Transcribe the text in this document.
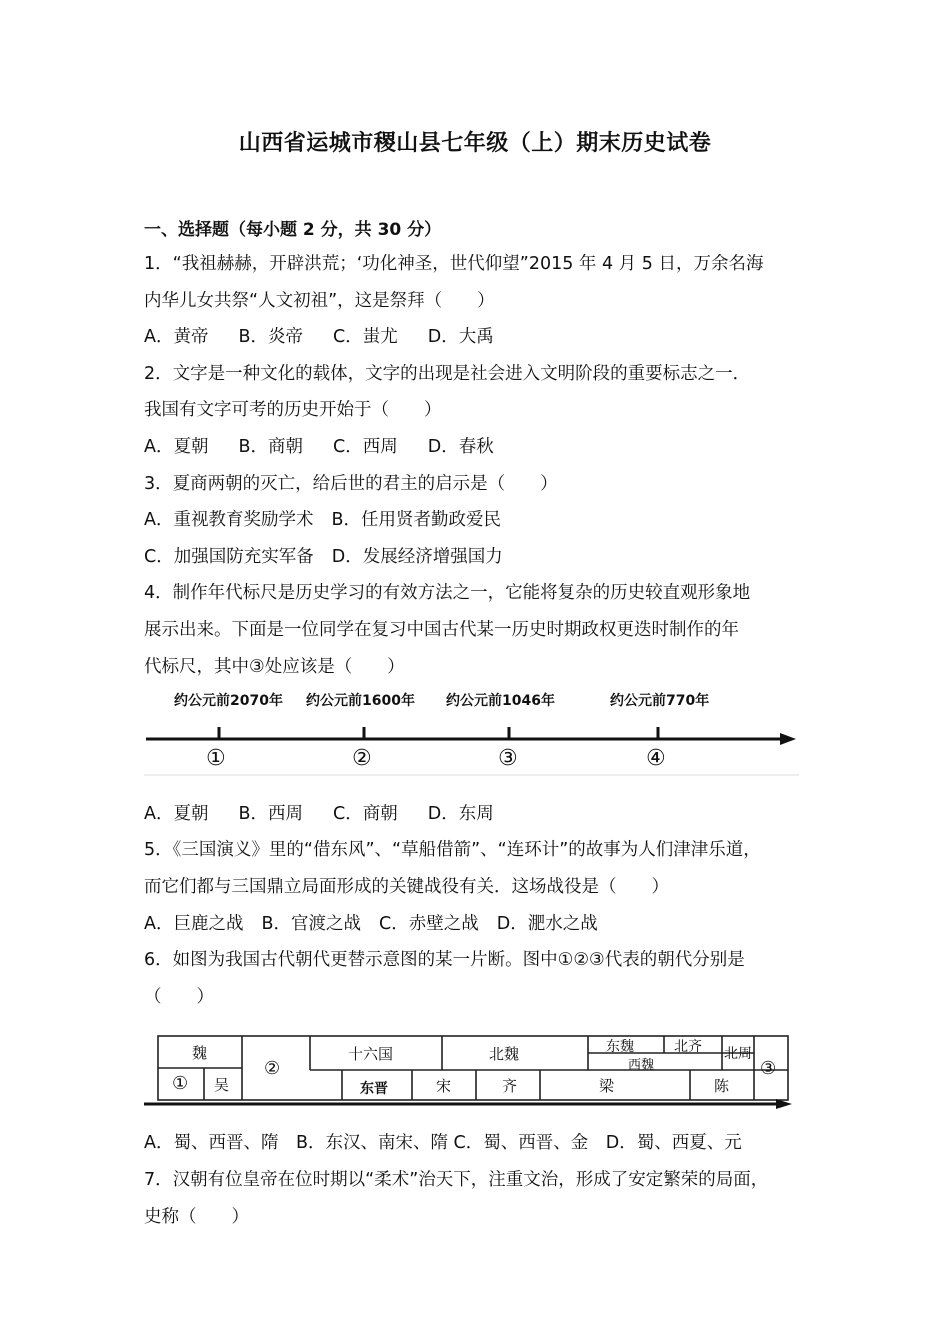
山西省运城市稷山县七年级（上）期末历史试卷
一、选择题（每小题 2 分，共 30 分）
1．“我祖赫赫，开辟洪荒；‘功化神圣，世代仰望”2015 年 4 月 5 日，万余名海
内华儿女共祭“人文初祖”，这是祭拜（　　）
A．黄帝 B．炎帝 C．蚩尤 D．大禹
2．文字是一种文化的载体，文字的出现是社会进入文明阶段的重要标志之一．
我国有文字可考的历史开始于（　　）
A．夏朝 B．商朝 C．西周 D．春秋
3．夏商两朝的灭亡，给后世的君主的启示是（　　）
A．重视教育奖励学术 B．任用贤者勤政爱民
C．加强国防充实军备 D．发展经济增强国力
4．制作年代标尺是历史学习的有效方法之一，它能将复杂的历史较直观形象地
展示出来。下面是一位同学在复习中国古代某一历史时期政权更迭时制作的年
代标尺，其中③处应该是（　　）
约公元前2070年 约公元前1600年 约公元前1046年	约公元前770年
①	②	③	④
A．夏朝 B．西周 C．商朝 D．东周
5．《三国演义》里的“借东风”、“草船借箭”、“连环计”的故事为人们津津乐道，
而它们都与三国鼎立局面形成的关键战役有关．这场战役是（　　）
A．巨鹿之战 B．官渡之战 C．赤壁之战 D．淝水之战
6．如图为我国古代朝代更替示意图的某一片断。图中①②③代表的朝代分别是
（　　）
魏
① 吴
②
十六国	北魏	东魏	北齐
西魏
北周
③
东晋	宋	齐	梁	陈
A．蜀、西晋、隋　B．东汉、南宋、隋 C．蜀、西晋、金　D．蜀、西夏、元
7．汉朝有位皇帝在位时期以“柔术”治天下，注重文治，形成了安定繁荣的局面，
史称（　　）
